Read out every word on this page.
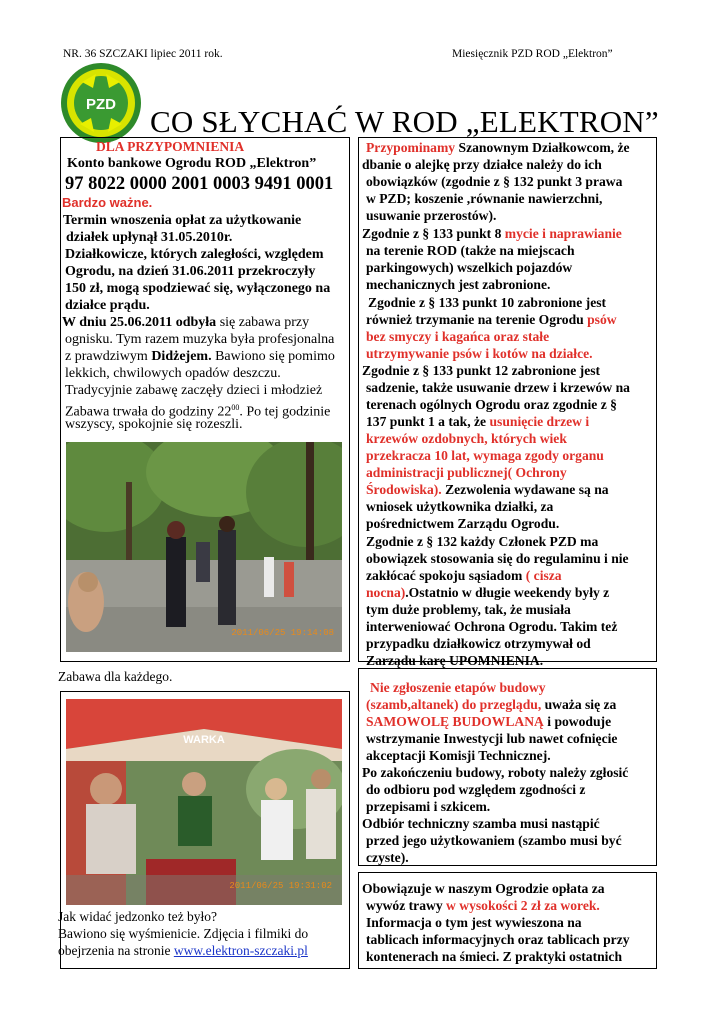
NR. 36 SZCZAKI lipiec 2011 rok.	Miesięcznik PZD ROD „Elektron”
PZD CO SŁYCHAĆ W ROD „ELEKTRON”
DLA PRZYPOMNIENIA
Konto bankowe Ogrodu ROD „Elektron”
97 8022 0000 2001 0003 9491 0001
Bardzo ważne.
Termin wnoszenia opłat za użytkowanie
działek upłynął 31.05.2010r.
Działkowicze, których zaległości, względem
Ogrodu, na dzień 31.06.2011 przekroczyły
150 zł, mogą spodziewać się, wyłączonego na
działce prądu.
W dniu 25.06.2011 odbyła się zabawa przy
ognisku. Tym razem muzyka była profesjonalna
z prawdziwym Didżejem. Bawiono się pomimo
lekkich, chwilowych opadów deszczu.
Tradycyjnie zabawę zaczęły dzieci i młodzież
Zabawa trwała do godziny $22^{00}$. Po tej godzinie
wszyscy, spokojnie się rozeszli.
2011/06/25 19:14:08
Zabawa dla każdego.
WARKA
2011/06/25 19:31:02
Jak widać jedzonko też było?
Bawiono się wyśmienicie. Zdjęcia i filmiki do
obejrzenia na stronie www.elektron-szczaki.pl
Przypominamy Szanownym Działkowcom, że
dbanie o alejkę przy działce należy do ich
obowiązków (zgodnie z § 132 punkt 3 prawa
w PZD; koszenie ,równanie nawierzchni,
usuwanie przerostów).
Zgodnie z § 133 punkt 8 mycie i naprawianie
na terenie ROD (także na miejscach
parkingowych) wszelkich pojazdów
mechanicznych jest zabronione.
Zgodnie z § 133 punkt 10 zabronione jest
również trzymanie na terenie Ogrodu psów
bez smyczy i kagańca oraz stałe
utrzymywanie psów i kotów na działce.
Zgodnie z § 133 punkt 12 zabronione jest
sadzenie, także usuwanie drzew i krzewów na
terenach ogólnych Ogrodu oraz zgodnie z §
137 punkt 1 a tak, że usunięcie drzew i
krzewów ozdobnych, których wiek
przekracza 10 lat, wymaga zgody organu
administracji publicznej( Ochrony
Środowiska). Zezwolenia wydawane są na
wniosek użytkownika działki, za
pośrednictwem Zarządu Ogrodu.
Zgodnie z § 132 każdy Członek PZD ma
obowiązek stosowania się do regulaminu i nie
zakłócać spokoju sąsiadom ( cisza
nocna).Ostatnio w długie weekendy były z
tym duże problemy, tak, że musiała
interweniować Ochrona Ogrodu. Takim też
przypadku działkowicz otrzymywał od
Zarządu karę UPOMNIENIA.
Nie zgłoszenie etapów budowy
(szamb,altanek) do przeglądu, uważa się za
SAMOWOLĘ BUDOWLANĄ i powoduje
wstrzymanie Inwestycji lub nawet cofnięcie
akceptacji Komisji Technicznej.
Po zakończeniu budowy, roboty należy zgłosić
do odbioru pod względem zgodności z
przepisami i szkicem.
Odbiór techniczny szamba musi nastąpić
przed jego użytkowaniem (szambo musi być
czyste).
Obowiązuje w naszym Ogrodzie opłata za
wywóz trawy w wysokości 2 zł za worek.
Informacja o tym jest wywieszona na
tablicach informacyjnych oraz tablicach przy
kontenerach na śmieci. Z praktyki ostatnich
